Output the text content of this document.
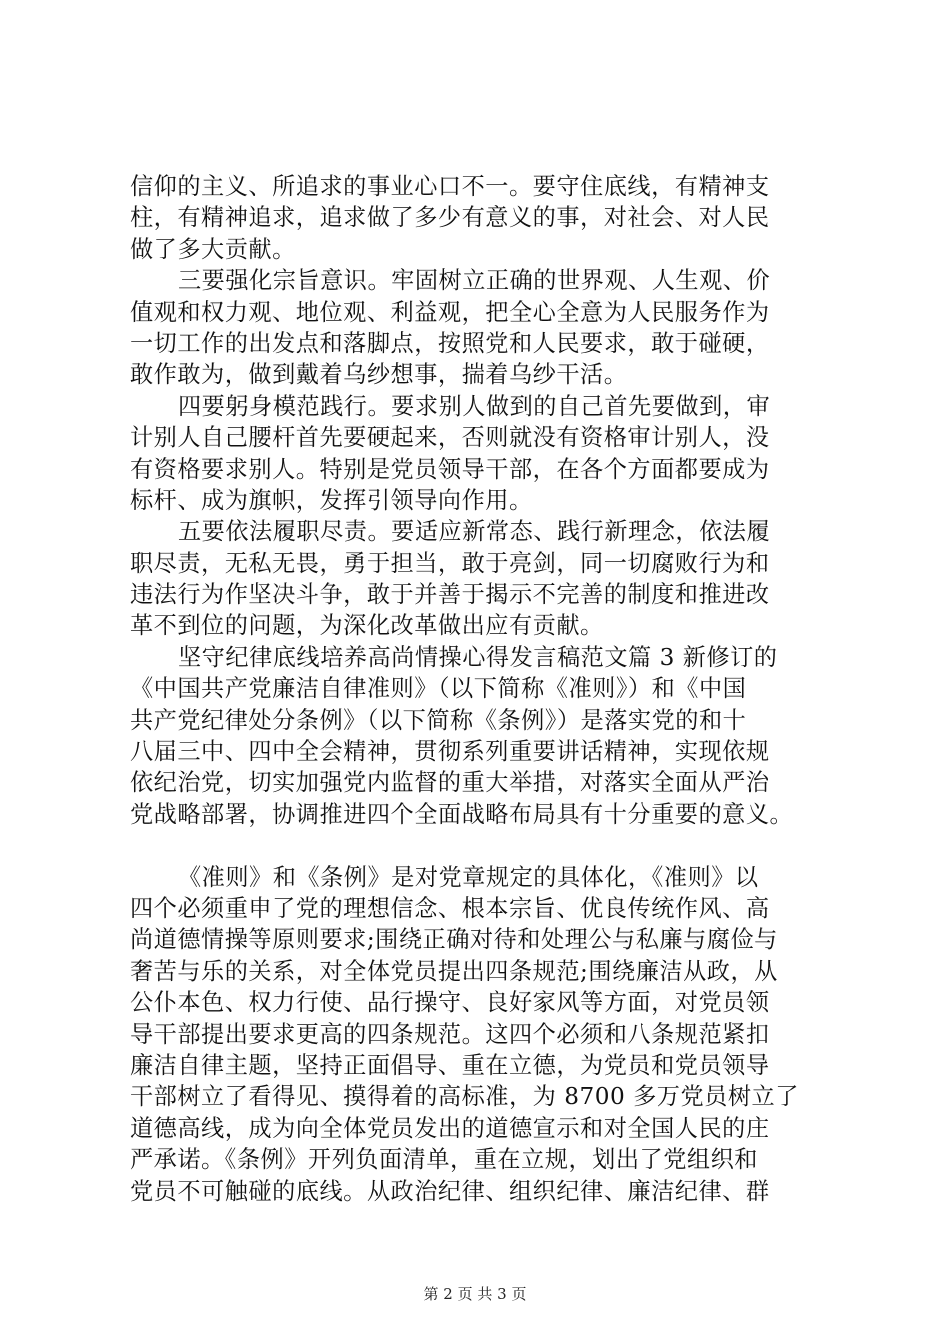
信仰的主义、所追求的事业心口不一。要守住底线，有精神支
柱，有精神追求，追求做了多少有意义的事，对社会、对人民
做了多大贡献。
三要强化宗旨意识。牢固树立正确的世界观、人生观、价
值观和权力观、地位观、利益观，把全心全意为人民服务作为
一切工作的出发点和落脚点，按照党和人民要求，敢于碰硬，
敢作敢为，做到戴着乌纱想事，揣着乌纱干活。
四要躬身模范践行。要求别人做到的自己首先要做到，审
计别人自己腰杆首先要硬起来，否则就没有资格审计别人，没
有资格要求别人。特别是党员领导干部，在各个方面都要成为
标杆、成为旗帜，发挥引领导向作用。
五要依法履职尽责。要适应新常态、践行新理念，依法履
职尽责，无私无畏，勇于担当，敢于亮剑，同一切腐败行为和
违法行为作坚决斗争，敢于并善于揭示不完善的制度和推进改
革不到位的问题，为深化改革做出应有贡献。
坚守纪律底线培养高尚情操心得发言稿范文篇 3 新修订的
《中国共产党廉洁自律准则》（以下简称《准则》）和《中国
共产党纪律处分条例》（以下简称《条例》）是落实党的和十
八届三中、四中全会精神，贯彻系列重要讲话精神，实现依规
依纪治党，切实加强党内监督的重大举措，对落实全面从严治
党战略部署，协调推进四个全面战略布局具有十分重要的意义。
《准则》和《条例》是对党章规定的具体化，《准则》以
四个必须重申了党的理想信念、根本宗旨、优良传统作风、高
尚道德情操等原则要求;围绕正确对待和处理公与私廉与腐俭与
奢苦与乐的关系，对全体党员提出四条规范;围绕廉洁从政，从
公仆本色、权力行使、品行操守、良好家风等方面，对党员领
导干部提出要求更高的四条规范。这四个必须和八条规范紧扣
廉洁自律主题，坚持正面倡导、重在立德，为党员和党员领导
干部树立了看得见、摸得着的高标准，为 8700 多万党员树立了
道德高线，成为向全体党员发出的道德宣示和对全国人民的庄
严承诺。《条例》开列负面清单，重在立规，划出了党组织和
党员不可触碰的底线。从政治纪律、组织纪律、廉洁纪律、群
第 2 页 共 3 页
